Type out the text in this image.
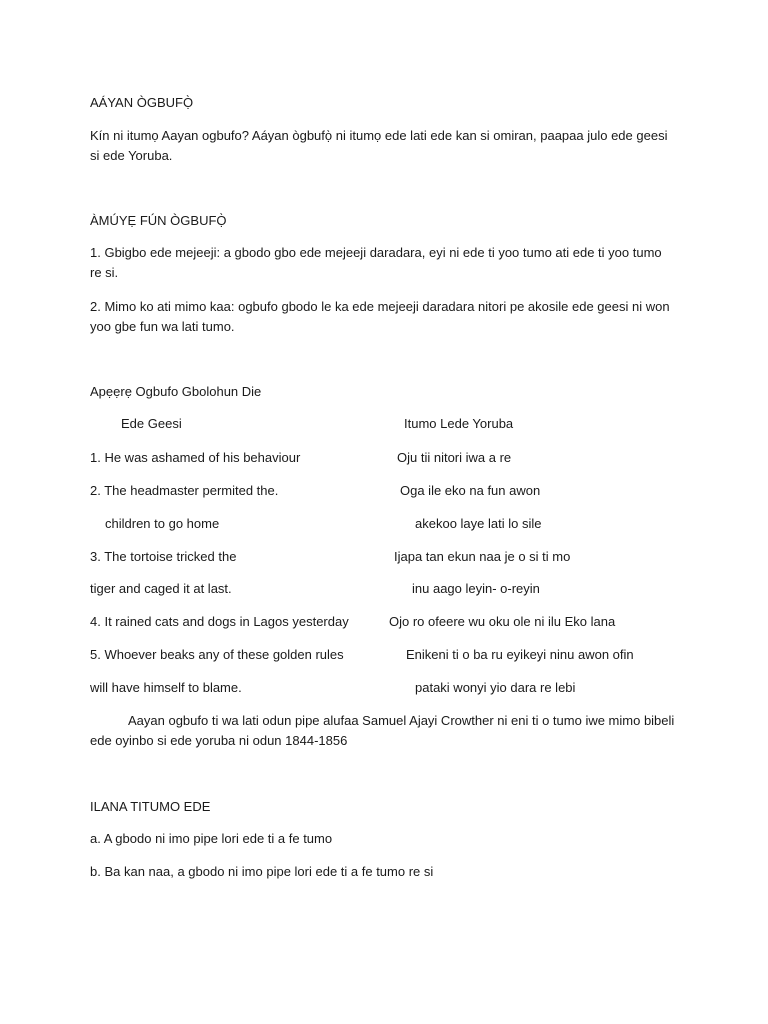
AÁYAN ÒGBUFỌ̀
Kín ni itumọ Aayan ogbufo? Aáyan ògbufọ̀ ni itumọ ede lati ede kan si omiran, paapaa julo ede geesi si ede Yoruba.
ÀMÚYẸ FÚN ÒGBUFỌ̀
1. Gbigbo ede mejeeji: a gbodo gbo ede mejeeji daradara, eyi ni ede ti yoo tumo ati ede ti yoo tumo re si.
2. Mimo ko ati mimo kaa: ogbufo gbodo le ka ede mejeeji daradara nitori pe akosile ede geesi ni won yoo gbe fun wa lati tumo.
Apẹẹrẹ Ogbufo Gbolohun Die
Ede Geesi	Itumo Lede Yoruba
1. He was ashamed of his behaviour	Oju tii nitori iwa a re
2. The headmaster permited the.	Oga ile eko na fun awon
children to go home	akekoo laye lati lo sile
3. The tortoise tricked the	Ijapa tan ekun naa je o si ti mo
tiger and caged it at last.	inu aago leyin- o-reyin
4. It rained cats and dogs in Lagos yesterday	Ojo ro ofeere wu oku ole ni ilu Eko lana
5. Whoever beaks any of these golden rules	Enikeni ti o ba ru eyikeyi ninu awon ofin
will have himself to blame.	pataki wonyi yio dara re lebi
Aayan ogbufo ti wa lati odun pipe alufaa Samuel Ajayi Crowther ni eni ti o tumo iwe mimo bibeli ede oyinbo si ede yoruba ni odun 1844-1856
ILANA TITUMO EDE
a. A gbodo ni imo pipe lori ede ti a fe tumo
b. Ba kan naa, a gbodo ni imo pipe lori ede ti a fe tumo re si
